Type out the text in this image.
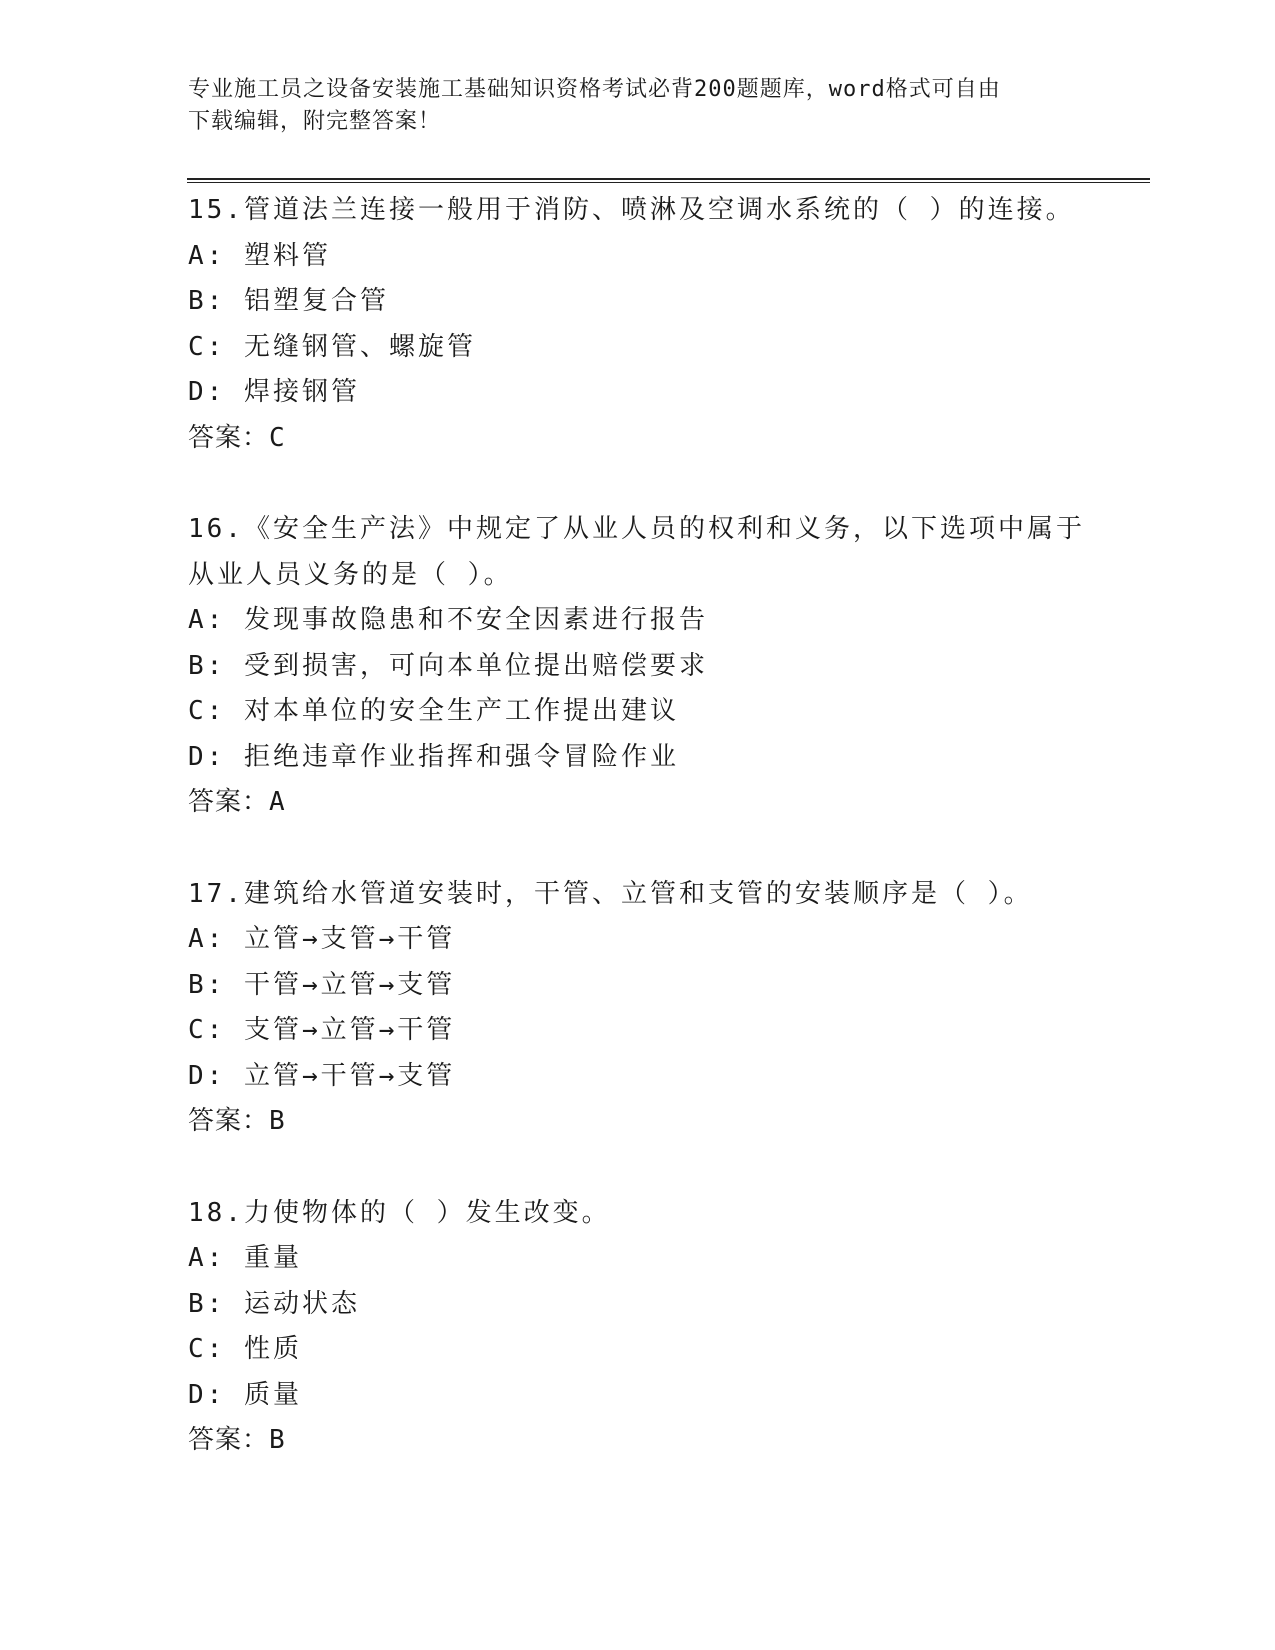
专业施工员之设备安装施工基础知识资格考试必背200题题库，word格式可自由
下载编辑，附完整答案！

15.管道法兰连接一般用于消防、喷淋及空调水系统的（ ）的连接。

A: 塑料管

B: 铝塑复合管

C: 无缝钢管、螺旋管

D: 焊接钢管

答案：C

16.《安全生产法》中规定了从业人员的权利和义务，以下选项中属于

从业人员义务的是（ ）。

A: 发现事故隐患和不安全因素进行报告

B: 受到损害，可向本单位提出赔偿要求

C: 对本单位的安全生产工作提出建议

D: 拒绝违章作业指挥和强令冒险作业

答案：A

17.建筑给水管道安装时，干管、立管和支管的安装顺序是（ ）。

A: 立管→支管→干管

B: 干管→立管→支管

C: 支管→立管→干管

D: 立管→干管→支管

答案：B

18.力使物体的（ ）发生改变。

A: 重量

B: 运动状态

C: 性质

D: 质量

答案：B
